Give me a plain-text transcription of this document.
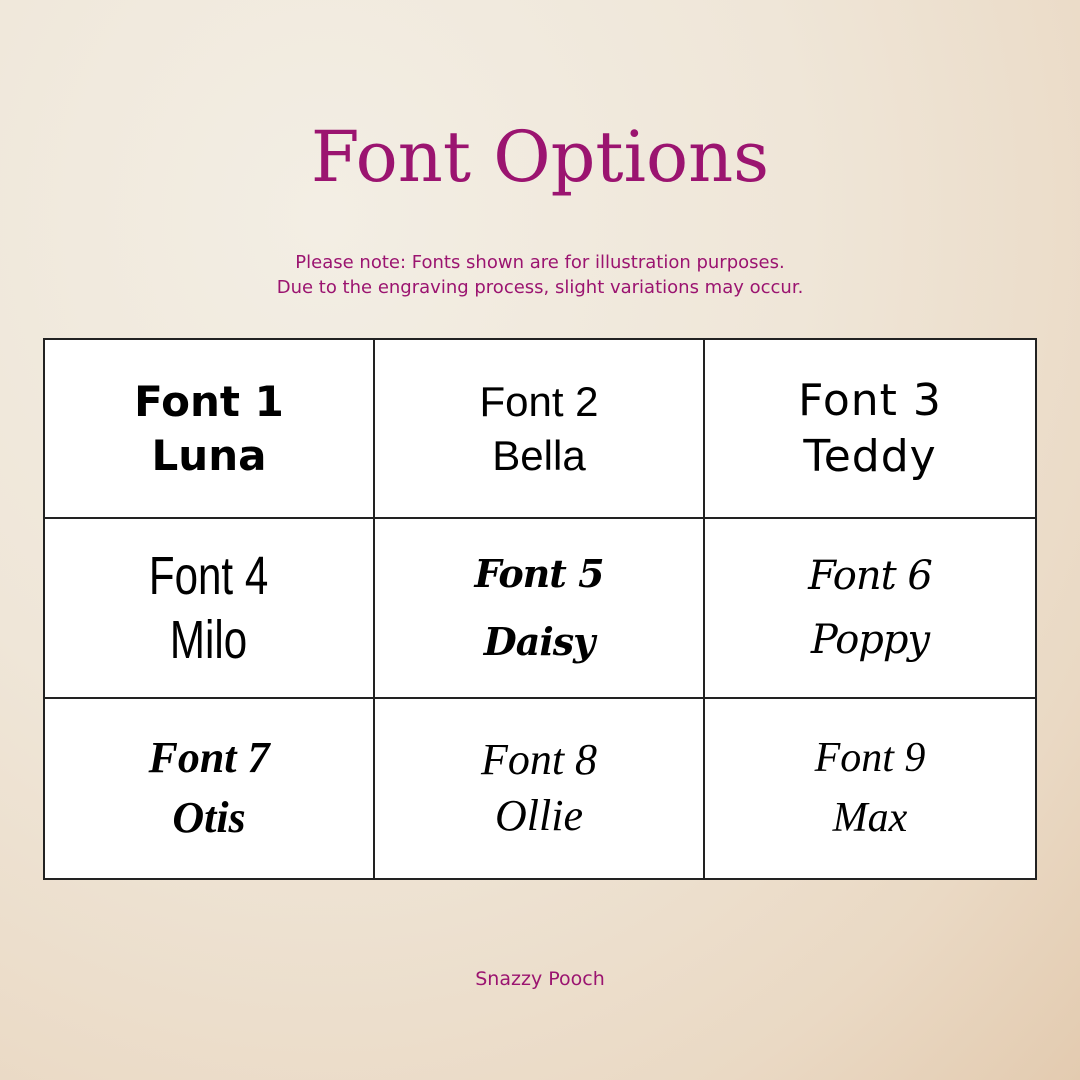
Font Options
Please note: Fonts shown are for illustration purposes.
Due to the engraving process, slight variations may occur.
Font 1
Luna
Font 2
Bella
Font 3
Teddy
Font 4
Milo
Font 5
Daisy
Font 6
Poppy
Font 7
Otis
Font 8
Ollie
Font 9
Max
Snazzy Pooch
